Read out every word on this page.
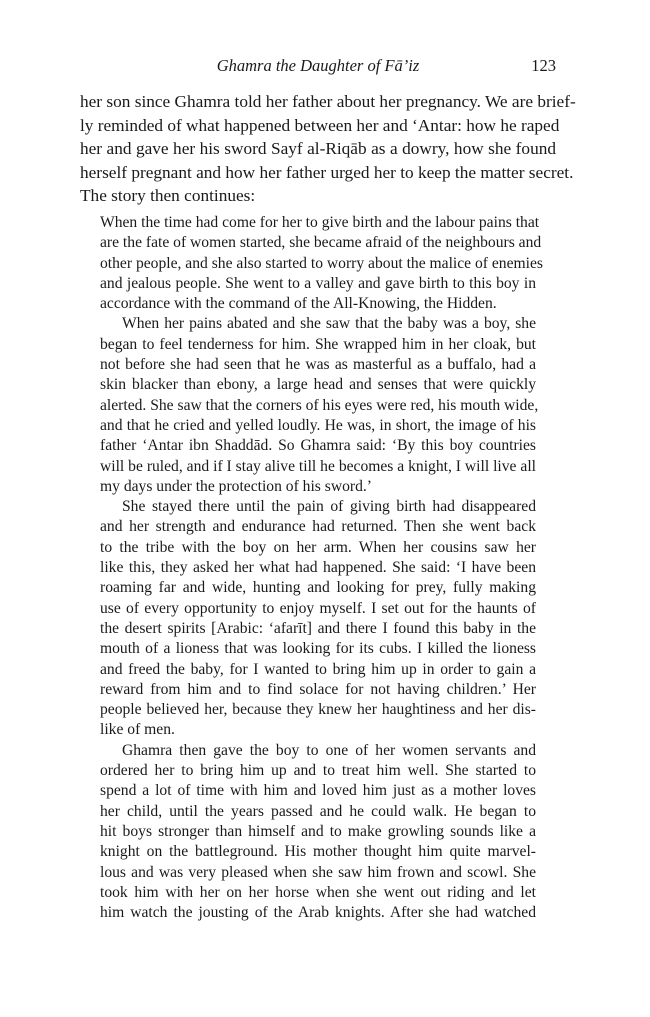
Ghamra the Daughter of Fā’iz	123
her son since Ghamra told her father about her pregnancy. We are brief-
ly reminded of what happened between her and ‘Antar: how he raped
her and gave her his sword Sayf al-Riqāb as a dowry, how she found
herself pregnant and how her father urged her to keep the matter secret.
The story then continues:
When the time had come for her to give birth and the labour pains that
are the fate of women started, she became afraid of the neighbours and
other people, and she also started to worry about the malice of enemies
and jealous people. She went to a valley and gave birth to this boy in
accordance with the command of the All-Knowing, the Hidden.
When her pains abated and she saw that the baby was a boy, she
began to feel tenderness for him. She wrapped him in her cloak, but
not before she had seen that he was as masterful as a buffalo, had a
skin blacker than ebony, a large head and senses that were quickly
alerted. She saw that the corners of his eyes were red, his mouth wide,
and that he cried and yelled loudly. He was, in short, the image of his
father ‘Antar ibn Shaddād. So Ghamra said: ‘By this boy countries
will be ruled, and if I stay alive till he becomes a knight, I will live all
my days under the protection of his sword.’
She stayed there until the pain of giving birth had disappeared
and her strength and endurance had returned. Then she went back
to the tribe with the boy on her arm. When her cousins saw her
like this, they asked her what had happened. She said: ‘I have been
roaming far and wide, hunting and looking for prey, fully making
use of every opportunity to enjoy myself. I set out for the haunts of
the desert spirits [Arabic: ‘afarīt] and there I found this baby in the
mouth of a lioness that was looking for its cubs. I killed the lioness
and freed the baby, for I wanted to bring him up in order to gain a
reward from him and to find solace for not having children.’ Her
people believed her, because they knew her haughtiness and her dis-
like of men.
Ghamra then gave the boy to one of her women servants and
ordered her to bring him up and to treat him well. She started to
spend a lot of time with him and loved him just as a mother loves
her child, until the years passed and he could walk. He began to
hit boys stronger than himself and to make growling sounds like a
knight on the battleground. His mother thought him quite marvel-
lous and was very pleased when she saw him frown and scowl. She
took him with her on her horse when she went out riding and let
him watch the jousting of the Arab knights. After she had watched
